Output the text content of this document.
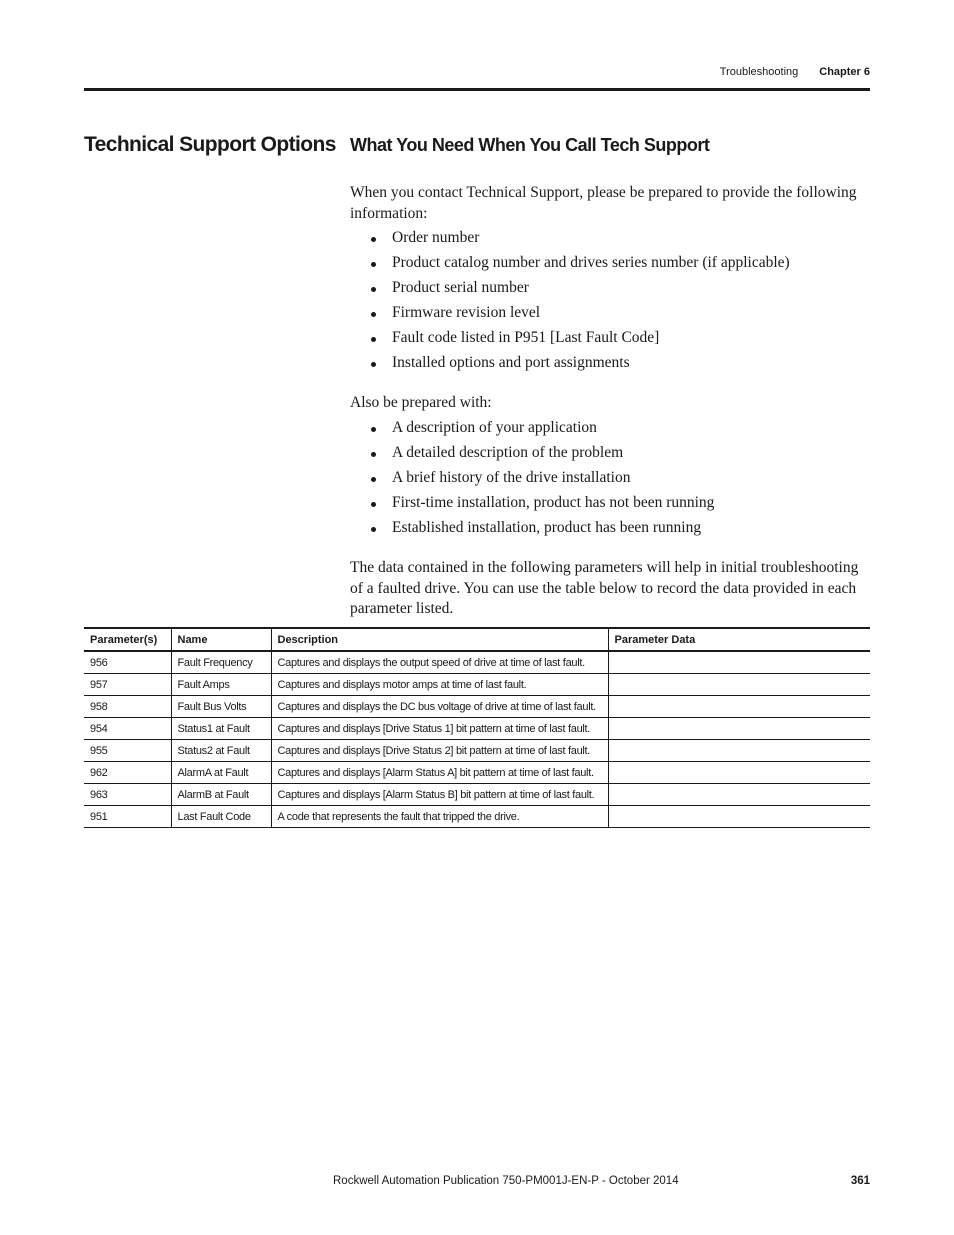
Troubleshooting Chapter 6
Technical Support Options What You Need When You Call Tech Support

When you contact Technical Support, please be prepared to provide the following information:

Order number
Product catalog number and drives series number (if applicable)
Product serial number
Firmware revision level
Fault code listed in P951 [Last Fault Code]
Installed options and port assignments

Also be prepared with:

A description of your application
A detailed description of the problem
A brief history of the drive installation
First-time installation, product has not been running
Established installation, product has been running

The data contained in the following parameters will help in initial troubleshooting of a faulted drive. You can use the table below to record the data provided in each parameter listed.

Parameter(s)	Name	Description	Parameter Data
956	Fault Frequency	Captures and displays the output speed of drive at time of last fault.	
957	Fault Amps	Captures and displays motor amps at time of last fault.	
958	Fault Bus Volts	Captures and displays the DC bus voltage of drive at time of last fault.	
954	Status1 at Fault	Captures and displays [Drive Status 1] bit pattern at time of last fault.	
955	Status2 at Fault	Captures and displays [Drive Status 2] bit pattern at time of last fault.	
962	AlarmA at Fault	Captures and displays [Alarm Status A] bit pattern at time of last fault.	
963	AlarmB at Fault	Captures and displays [Alarm Status B] bit pattern at time of last fault.	
951	Last Fault Code	A code that represents the fault that tripped the drive.	
Rockwell Automation Publication 750-PM001J-EN-P - October 2014	361
